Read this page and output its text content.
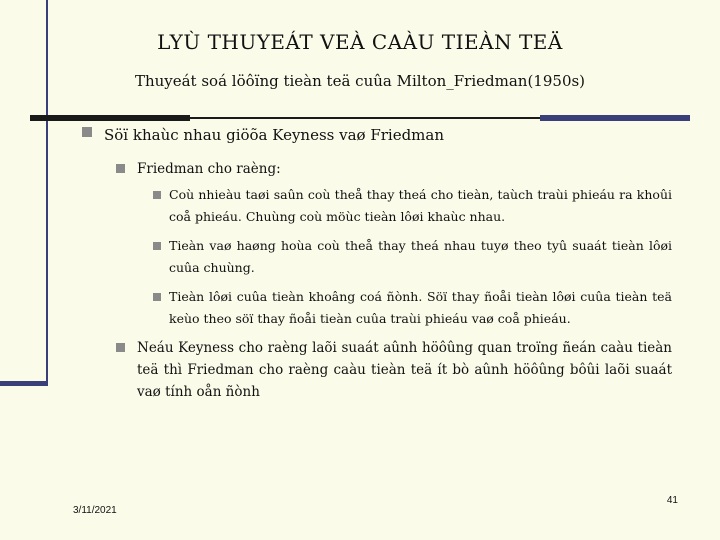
LYÙ THUYEÁT VEÀ CAÀU TIEÀN TEÄ
Thuyeát soá löôïng tieàn teä cuûa Milton_Friedman(1950s)
Söï khaùc nhau giöõa Keyness vaø Friedman
Friedman cho raèng:
Coù nhieàu taøi saûn coù theå thay theá cho tieàn, taùch traùi phieáu ra khoûi coå phieáu. Chuùng coù möùc tieàn lôøi khaùc nhau.
Tieàn vaø haøng hoùa coù theå thay theá nhau tuyø theo tyû suaát tieàn lôøi cuûa chuùng.
Tieàn lôøi cuûa tieàn khoâng coá ñònh. Söï thay ñoåi tieàn lôøi cuûa tieàn teä keùo theo söï thay ñoåi tieàn cuûa traùi phieáu vaø coå phieáu.
Neáu Keyness cho raèng laõi suaát aûnh höôûng quan troïng ñeán caàu tieàn teä thì Friedman cho raèng caàu tieàn teä ít bò aûnh höôûng bôûi laõi suaát vaø tính oån ñònh
3/11/2021
41
